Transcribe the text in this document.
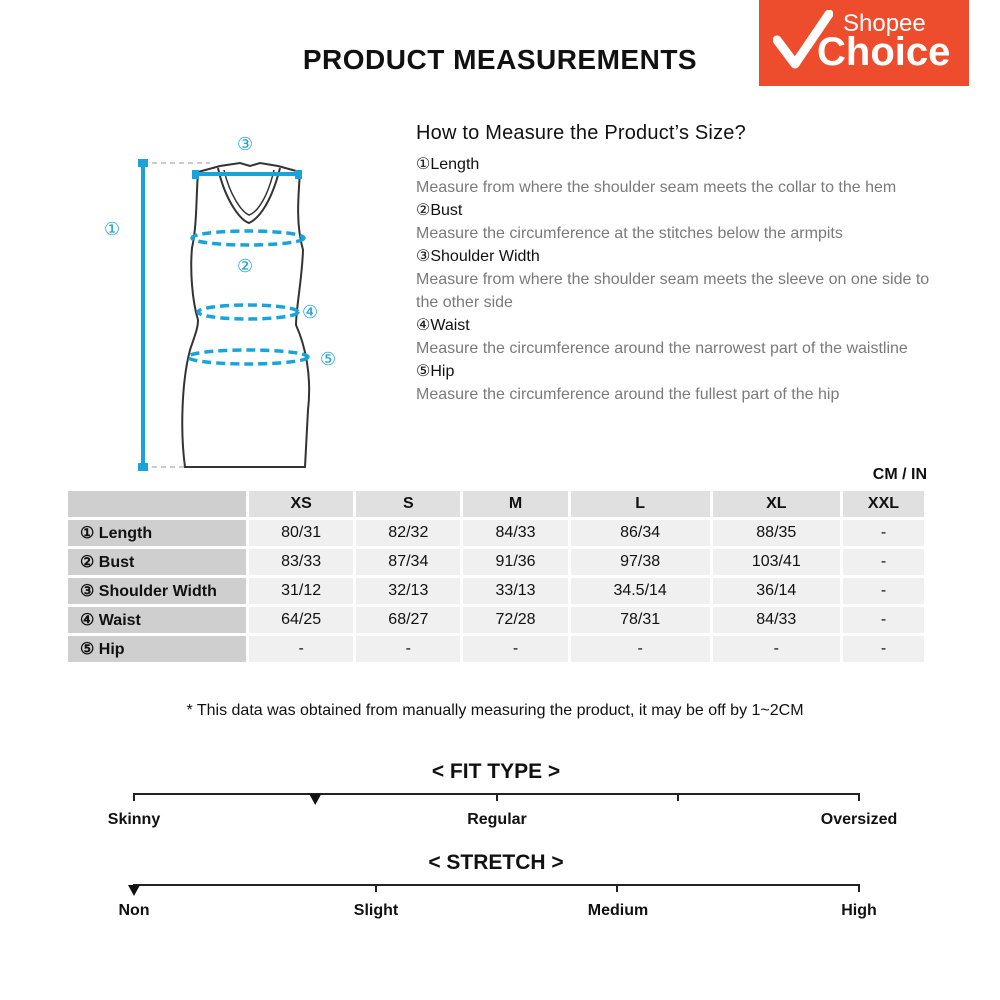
PRODUCT MEASUREMENTS
Shopee
Choice
③
①
②
④
⑤
How to Measure the Product’s Size?
①Length
Measure from where the shoulder seam meets the collar to the hem
②Bust
Measure the circumference at the stitches below the armpits
③Shoulder Width
Measure from where the shoulder seam meets the sleeve on one side to the other side
④Waist
Measure the circumference around the narrowest part of the waistline
⑤Hip
Measure the circumference around the fullest part of the hip
CM / IN
	XS	S	M	L	XL	XXL
① Length	80/31	82/32	84/33	86/34	88/35	-
② Bust	83/33	87/34	91/36	97/38	103/41	-
③ Shoulder Width	31/12	32/13	33/13	34.5/14	36/14	-
④ Waist	64/25	68/27	72/28	78/31	84/33	-
⑤ Hip	-	-	-	-	-	-
* This data was obtained from manually measuring the product, it may be off by 1~2CM
< FIT TYPE >
Skinny	Regular	Oversized
< STRETCH >
Non	Slight	Medium	High
